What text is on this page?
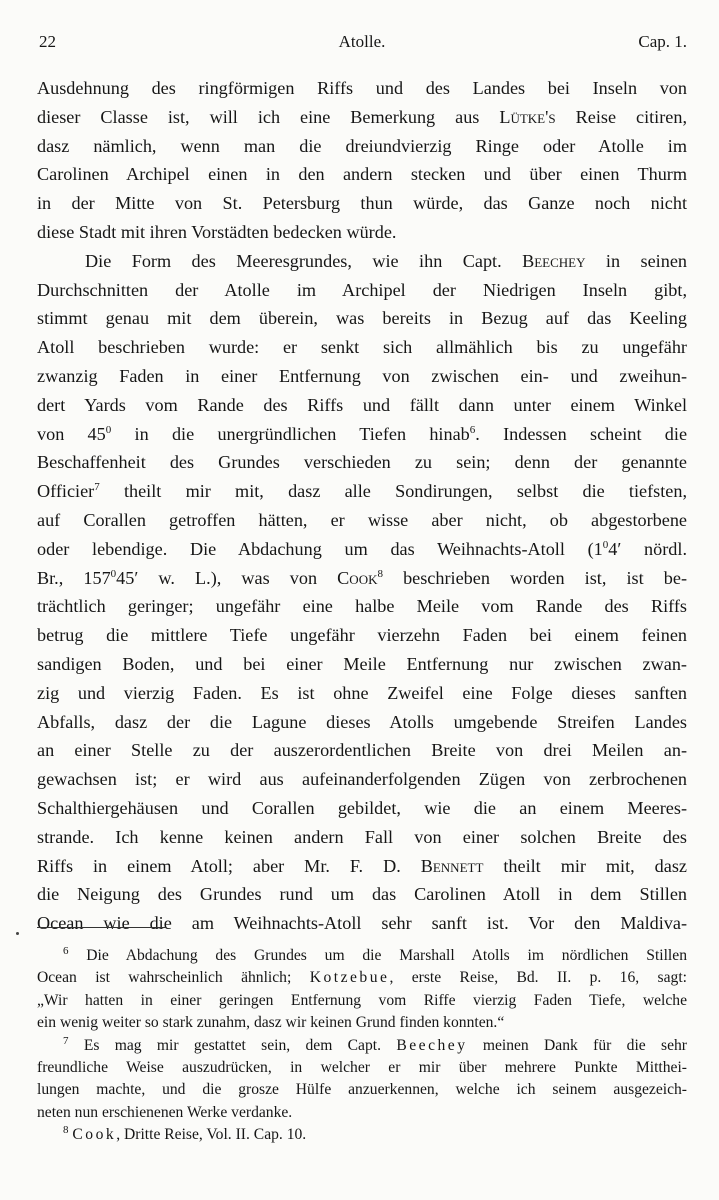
22	Atolle.	Cap. 1.
Ausdehnung des ringförmigen Riffs und des Landes bei Inseln von
dieser Classe ist, will ich eine Bemerkung aus Lütke's Reise citiren,
dasz nämlich, wenn man die dreiundvierzig Ringe oder Atolle im
Carolinen Archipel einen in den andern stecken und über einen Thurm
in der Mitte von St. Petersburg thun würde, das Ganze noch nicht
diese Stadt mit ihren Vorstädten bedecken würde.
Die Form des Meeresgrundes, wie ihn Capt. Beechey in seinen
Durchschnitten der Atolle im Archipel der Niedrigen Inseln gibt,
stimmt genau mit dem überein, was bereits in Bezug auf das Keeling
Atoll beschrieben wurde: er senkt sich allmählich bis zu ungefähr
zwanzig Faden in einer Entfernung von zwischen ein- und zweihun-
dert Yards vom Rande des Riffs und fällt dann unter einem Winkel
von $45^0$ in die unergründlichen Tiefen hinab$^6$. Indessen scheint die
Beschaffenheit des Grundes verschieden zu sein; denn der genannte
Officier$^7$ theilt mir mit, dasz alle Sondirungen, selbst die tiefsten,
auf Corallen getroffen hätten, er wisse aber nicht, ob abgestorbene
oder lebendige. Die Abdachung um das Weihnachts-Atoll ($1^04'$ nördl.
Br., $157^045'$ w. L.), was von Cook$^8$ beschrieben worden ist, ist be-
trächtlich geringer; ungefähr eine halbe Meile vom Rande des Riffs
betrug die mittlere Tiefe ungefähr vierzehn Faden bei einem feinen
sandigen Boden, und bei einer Meile Entfernung nur zwischen zwan-
zig und vierzig Faden. Es ist ohne Zweifel eine Folge dieses sanften
Abfalls, dasz der die Lagune dieses Atolls umgebende Streifen Landes
an einer Stelle zu der auszerordentlichen Breite von drei Meilen an-
gewachsen ist; er wird aus aufeinanderfolgenden Zügen von zerbrochenen
Schalthiergehäusen und Corallen gebildet, wie die an einem Meeres-
strande. Ich kenne keinen andern Fall von einer solchen Breite des
Riffs in einem Atoll; aber Mr. F. D. Bennett theilt mir mit, dasz
die Neigung des Grundes rund um das Carolinen Atoll in dem Stillen
Ocean wie die am Weihnachts-Atoll sehr sanft ist. Vor den Maldiva-
$^6$ Die Abdachung des Grundes um die Marshall Atolls im nördlichen Stillen
Ocean ist wahrscheinlich ähnlich; Kotzebue, erste Reise, Bd. II. p. 16, sagt:
„Wir hatten in einer geringen Entfernung vom Riffe vierzig Faden Tiefe, welche
ein wenig weiter so stark zunahm, dasz wir keinen Grund finden konnten.“
$^7$ Es mag mir gestattet sein, dem Capt. Beechey meinen Dank für die sehr
freundliche Weise auszudrücken, in welcher er mir über mehrere Punkte Mitthei-
lungen machte, und die grosze Hülfe anzuerkennen, welche ich seinem ausgezeich-
neten nun erschienenen Werke verdanke.
$^8$ Cook, Dritte Reise, Vol. II. Cap. 10.
